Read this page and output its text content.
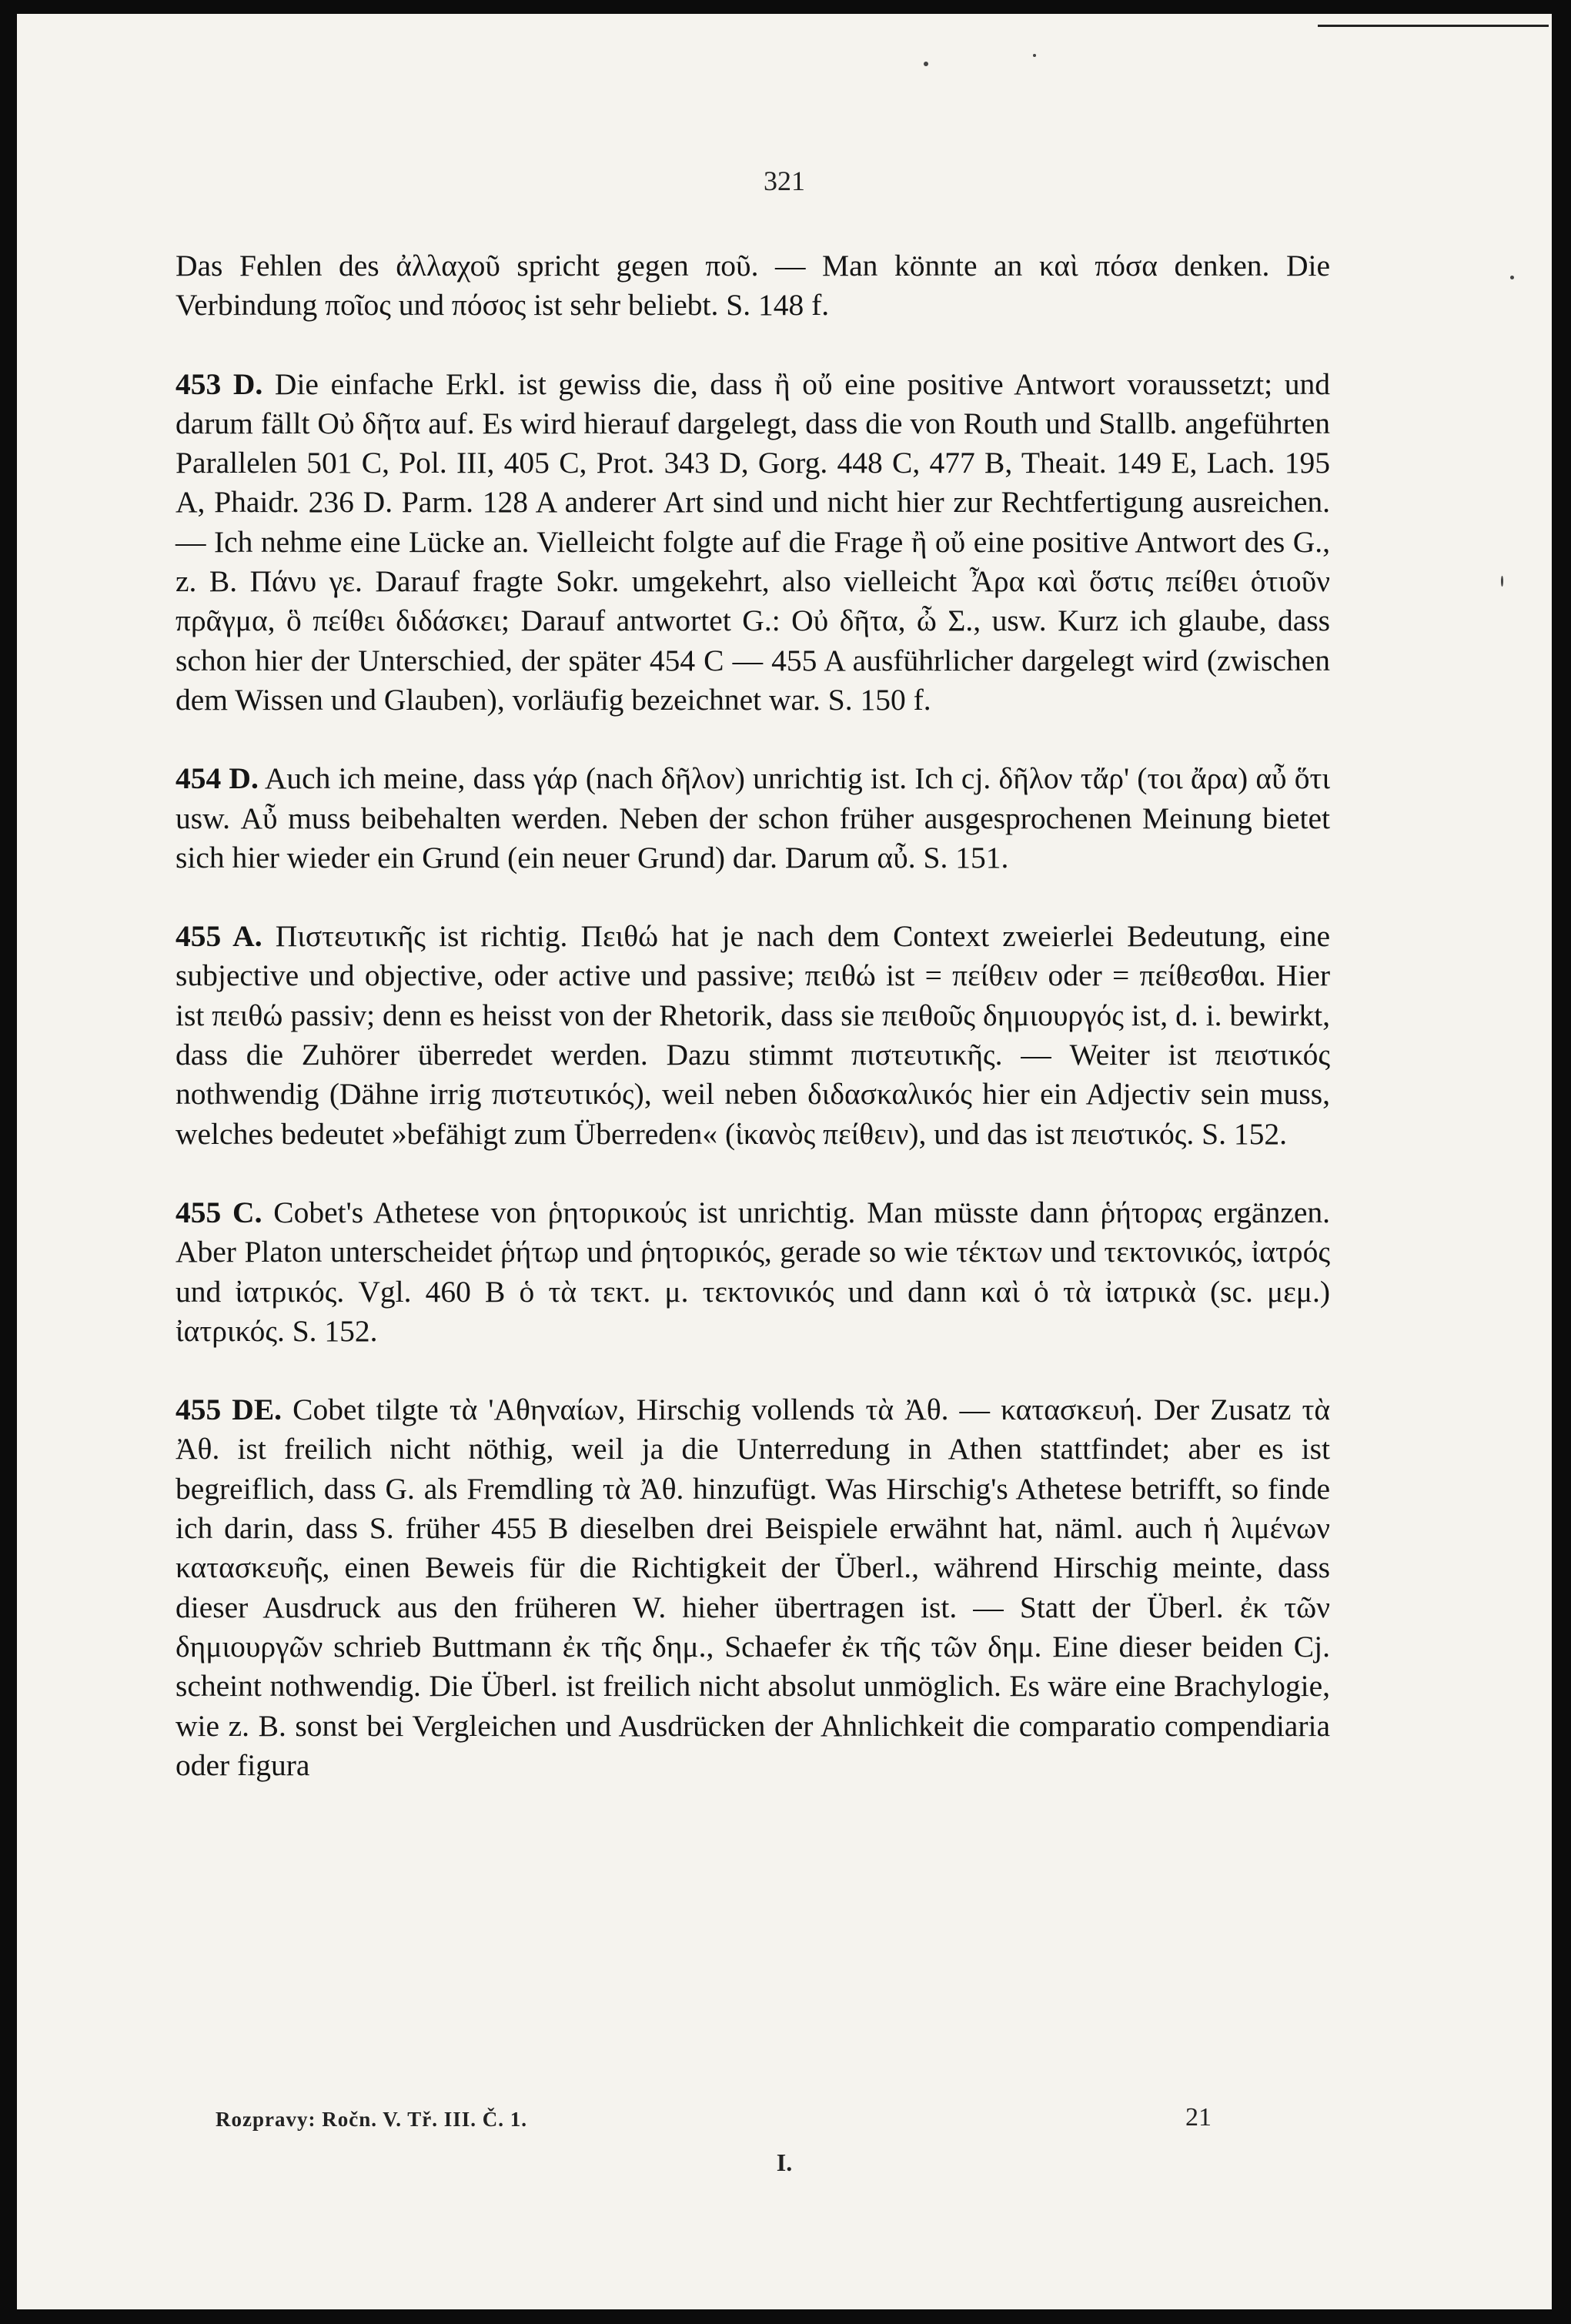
321

Das Fehlen des ἀλλαχοῦ spricht gegen ποῦ. — Man könnte an καὶ πόσα denken. Die Verbindung ποῖος und πόσος ist sehr beliebt. S. 148 f.

453 D. Die einfache Erkl. ist gewiss die, dass ἢ οὔ eine positive Antwort voraussetzt; und darum fällt Οὐ δῆτα auf. Es wird hierauf dargelegt, dass die von Routh und Stallb. angeführten Parallelen 501 C, Pol. III, 405 C, Prot. 343 D, Gorg. 448 C, 477 B, Theait. 149 E, Lach. 195 A, Phaidr. 236 D. Parm. 128 A anderer Art sind und nicht hier zur Rechtfertigung ausreichen. — Ich nehme eine Lücke an. Vielleicht folgte auf die Frage ἢ οὔ eine positive Antwort des G., z. B. Πάνυ γε. Darauf fragte Sokr. umgekehrt, also vielleicht Ἆρα καὶ ὅστις πείθει ὁτιοῦν πρᾶγμα, ὃ πείθει διδάσκει; Darauf antwortet G.: Οὐ δῆτα, ὦ Σ., usw. Kurz ich glaube, dass schon hier der Unterschied, der später 454 C — 455 A ausführlicher dargelegt wird (zwischen dem Wissen und Glauben), vorläufig bezeichnet war. S. 150 f.

454 D. Auch ich meine, dass γάρ (nach δῆλον) unrichtig ist. Ich cj. δῆλον τἄρ' (τοι ἄρα) αὖ ὅτι usw. Αὖ muss beibehalten werden. Neben der schon früher ausgesprochenen Meinung bietet sich hier wieder ein Grund (ein neuer Grund) dar. Darum αὖ. S. 151.

455 A. Πιστευτικῆς ist richtig. Πειθώ hat je nach dem Context zweierlei Bedeutung, eine subjective und objective, oder active und passive; πειθώ ist = πείθειν oder = πείθεσθαι. Hier ist πειθώ passiv; denn es heisst von der Rhetorik, dass sie πειθοῦς δημιουργός ist, d. i. bewirkt, dass die Zuhörer überredet werden. Dazu stimmt πιστευτικῆς. — Weiter ist πειστικός nothwendig (Dähne irrig πιστευτικός), weil neben διδασκαλικός hier ein Adjectiv sein muss, welches bedeutet »befähigt zum Überreden« (ἱκανὸς πείθειν), und das ist πειστικός. S. 152.

455 C. Cobet's Athetese von ῥητορικούς ist unrichtig. Man müsste dann ῥήτορας ergänzen. Aber Platon unterscheidet ῥήτωρ und ῥητορικός, gerade so wie τέκτων und τεκτονικός, ἰατρός und ἰατρικός. Vgl. 460 B ὁ τὰ τεκτ. μ. τεκτονικός und dann καὶ ὁ τὰ ἰατρικὰ (sc. μεμ.) ἰατρικός. S. 152.

455 DE. Cobet tilgte τὰ 'Αθηναίων, Hirschig vollends τὰ Ἀθ. — κατασκευή. Der Zusatz τὰ Ἀθ. ist freilich nicht nöthig, weil ja die Unterredung in Athen stattfindet; aber es ist begreiflich, dass G. als Fremdling τὰ Ἀθ. hinzufügt. Was Hirschig's Athetese betrifft, so finde ich darin, dass S. früher 455 B dieselben drei Beispiele erwähnt hat, näml. auch ἡ λιμένων κατασκευῆς, einen Beweis für die Richtigkeit der Überl., während Hirschig meinte, dass dieser Ausdruck aus den früheren W. hieher übertragen ist. — Statt der Überl. ἐκ τῶν δημιουργῶν schrieb Buttmann ἐκ τῆς δημ., Schaefer ἐκ τῆς τῶν δημ. Eine dieser beiden Cj. scheint nothwendig. Die Überl. ist freilich nicht absolut unmöglich. Es wäre eine Brachylogie, wie z. B. sonst bei Vergleichen und Ausdrücken der Ahnlichkeit die comparatio compendiaria oder figura

Rozpravy: Ročn. V. Tř. III. Č. 1.	21
I.
